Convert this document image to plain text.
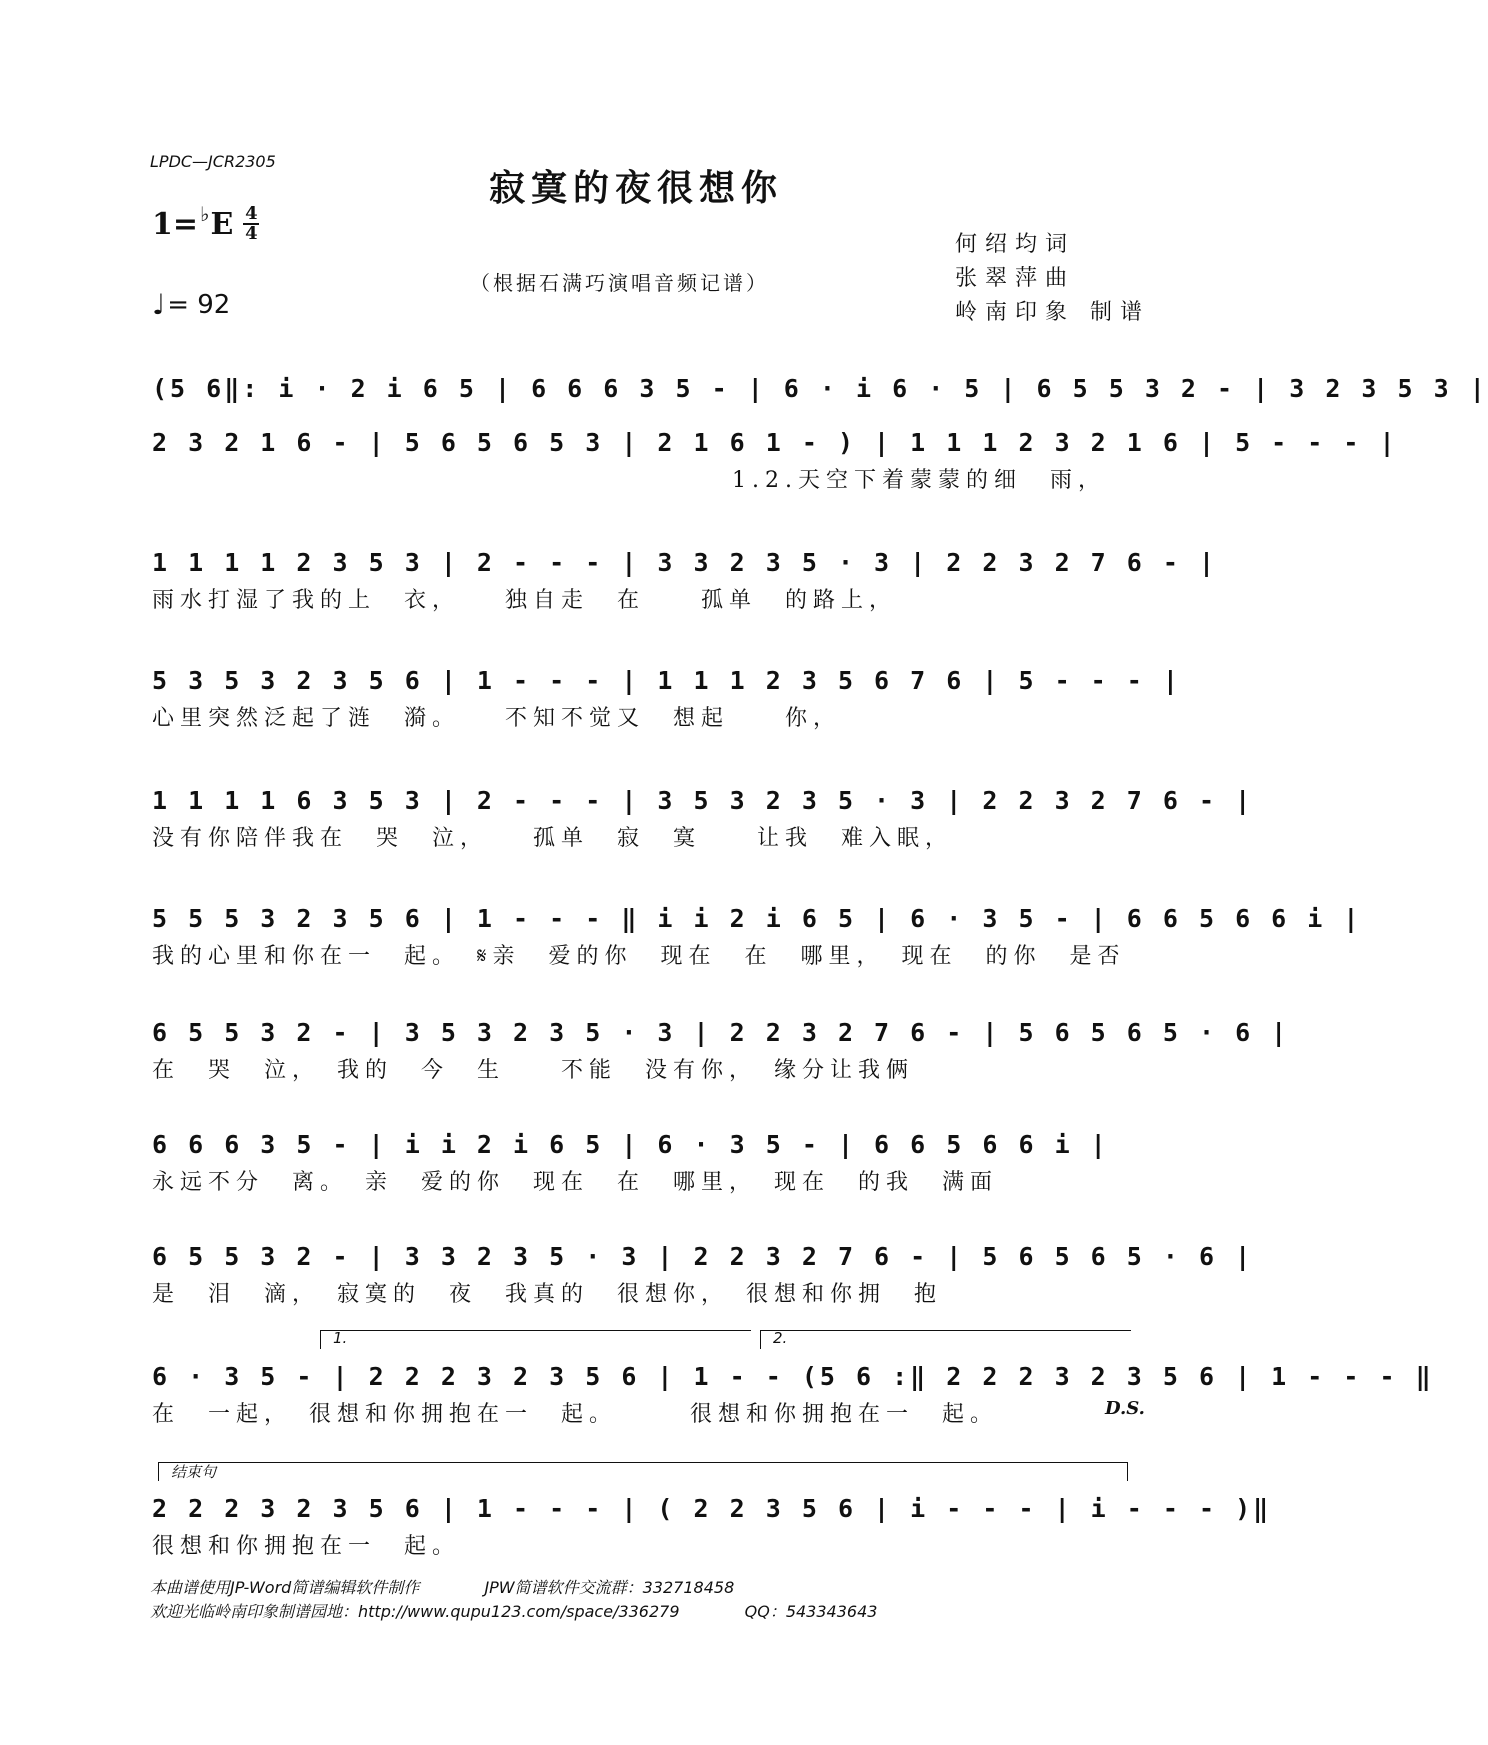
LPDC—JCR2305
寂寞的夜很想你
1= ♭ E 4
4
（根据石满巧演唱音频记谱）
何绍均词
张翠萍曲
岭南印象 制谱
♩ = 92
(5 6‖: i · 2 i 6 5 | 6 6 6 3 5 - | 6 · i 6 · 5 | 6 5 5 3 2 - | 3 2 3 5 3 |
2 3 2 1 6 - | 5 6 5 6 5 3 | 2 1 6 1 - ) | 1 1 1 2 3 2 1 6 | 5 - - - |
1.2.天空下着蒙蒙的细　雨，
1 1 1 1 2 3 5 3 | 2 - - - | 3 3 2 3 5 · 3 | 2 2 3 2 7 6 - |
雨水打湿了我的上　衣，　　独自走　在　　孤单　的路上，
5 3 5 3 2 3 5 6 | 1 - - - | 1 1 1 2 3 5 6 7 6 | 5 - - - |
心里突然泛起了涟　漪。　　不知不觉又　想起　　你，
1 1 1 1 6 3 5 3 | 2 - - - | 3 5 3 2 3 5 · 3 | 2 2 3 2 7 6 - |
没有你陪伴我在　哭　泣，　　孤单　寂　寞　　让我　难入眠，
5 5 5 3 2 3 5 6 | 1 - - - ‖ i i 2 i 6 5 | 6 · 3 5 - | 6 6 5 6 6 i |
我的心里和你在一　起。　𝄋亲　爱的你　现在　在　哪里，　现在　的你　是否
6 5 5 3 2 - | 3 5 3 2 3 5 · 3 | 2 2 3 2 7 6 - | 5 6 5 6 5 · 6 |
在　哭　泣，　我的　今　生　　不能　没有你，　缘分让我俩
6 6 6 3 5 - | i i 2 i 6 5 | 6 · 3 5 - | 6 6 5 6 6 i |
永远不分　离。　亲　爱的你　现在　在　哪里，　现在　的我　满面
6 5 5 3 2 - | 3 3 2 3 5 · 3 | 2 2 3 2 7 6 - | 5 6 5 6 5 · 6 |
是　泪　滴，　寂寞的　夜　我真的　很想你，　很想和你拥　抱
1.	2.
6 · 3 5 - | 2 2 2 3 2 3 5 6 | 1 - - (5 6 :‖ 2 2 2 3 2 3 5 6 | 1 - - - ‖
在　一起，　很想和你拥抱在一　起。　　　很想和你拥抱在一　起。	D.S.
结束句
2 2 2 3 2 3 5 6 | 1 - - - | ( 2 2 3 5 6 | i - - - | i - - - )‖
很想和你拥抱在一　起。
本曲谱使用JP-Word简谱编辑软件制作	JPW简谱软件交流群：332718458
欢迎光临岭南印象制谱园地：http://www.qupu123.com/space/336279	QQ：543343643
